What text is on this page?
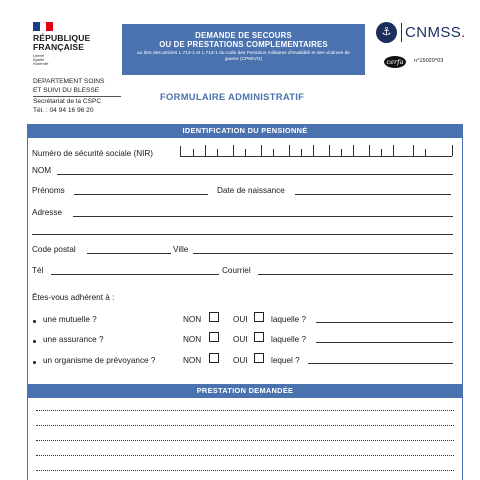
RÉPUBLIQUE
FRANÇAISE
Liberté
Égalité
Fraternité
DEPARTEMENT SOINS
ET SUIVI DU BLESSE
Secrétariat de la CSPC
Tél. : 04 94 16 96 20
DEMANDE DE SECOURS
OU DE PRESTATIONS COMPLEMENTAIRES
au titre des articles L.712-1 et L.713-1 du code des Pensions militaires d'invalidité et des victimes de guerre (CPMIVG)
FORMULAIRE ADMINISTRATIF
⚓ CNMSS.
cerfa	n°15029*03
IDENTIFICATION DU PENSIONNÉ
Numéro de sécurité sociale (NIR)
NOM
Prénoms	Date de naissance
Adresse
Code postal	Ville
Tél	Courriel
Êtes-vous adhérent à :
une mutuelle ?	NON	OUI	laquelle ?
une assurance ?	NON	OUI	laquelle ?
un organisme de prévoyance ?	NON	OUI	lequel ?
PRESTATION DEMANDÉE
